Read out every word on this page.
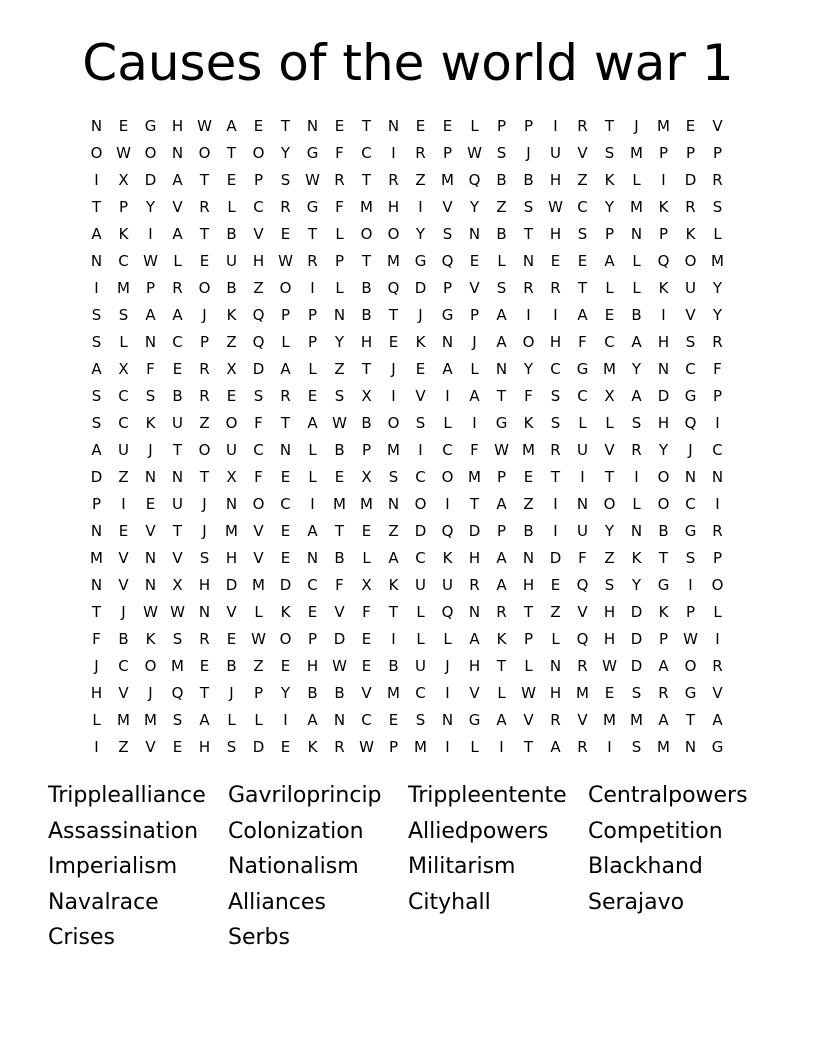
Causes of the world war 1
N	E	G	H W A	E	T	N	E	T	N	E	E	L	P	P	I	R	T	J	M	E	V
O W O	N	O	T	O	Y	G	F	C	I	R	P	W S	J	U	V	S	M	P	P	P
I	X	D	A	T	E	P	S W R	T	R	Z	M Q	B	B	H	Z	K	L	I	D	R
T	P	Y	V	R	L	C	R	G	F	M H	I	V	Y	Z	S W C	Y	M	K	R	S
A	K	I	A	T	B	V	E	T	L	O	O	Y	S	N	B	T	H	S	P	N	P	K	L
N	C W	L	E	U	H W R	P	T	M G	Q	E	L	N	E	E	A	L	Q	O M
I	M	P	R	O	B	Z	O	I	L	B	Q	D	P	V	S	R	R	T	L	L	K	U	Y
S	S	A	A	J	K	Q	P	P	N	B	T	J	G	P	A	I	I	A	E	B	I	V	Y
S	L	N	C	P	Z	Q	L	P	Y	H	E	K	N	J	A	O	H	F	C	A	H	S	R
A	X	F	E	R	X	D	A	L	Z	T	J	E	A	L	N	Y	C	G M	Y	N	C	F
S	C	S	B	R	E	S	R	E	S	X	I	V	I	A	T	F	S	C	X	A	D	G	P
S	C	K	U	Z	O	F	T	A W B	O	S	L	I	G	K	S	L	L	S	H	Q	I
A	U	J	T	O	U	C	N	L	B	P	M	I	C	F	W M	R	U	V	R	Y	J	C
D	Z	N	N	T	X	F	E	L	E	X	S	C	O M	P	E	T	I	T	I	O	N	N
P	I	E	U	J	N	O	C	I	M M N	O	I	T	A	Z	I	N	O	L	O	C	I
N	E	V	T	J	M	V	E	A	T	E	Z	D	Q	D	P	B	I	U	Y	N	B	G	R
M	V	N	V	S	H	V	E	N	B	L	A	C	K	H	A	N	D	F	Z	K	T	S	P
N	V	N	X	H	D M D	C	F	X	K	U	U	R	A	H	E	Q	S	Y	G	I	O
T	J	W W N	V	L	K	E	V	F	T	L	Q	N	R	T	Z	V	H	D	K	P	L
F	B	K	S	R	E W O	P	D	E	I	L	L	A	K	P	L	Q	H	D	P	W	I
J	C	O M	E	B	Z	E	H W E	B	U	J	H	T	L	N	R W D	A	O	R
H	V	J	Q	T	J	P	Y	B	B	V	M	C	I	V	L	W H M	E	S	R	G	V
L	M M	S	A	L	L	I	A	N	C	E	S	N	G	A	V	R	V	M M	A	T	A
I	Z	V	E	H	S	D	E	K	R W	P	M	I	L	I	T	A	R	I	S	M N	G
Tripplealliance	Gavriloprincip	Trippleentente Centralpowers
Assassination	Colonization	Alliedpowers	Competition
Imperialism	Nationalism	Militarism	Blackhand
Navalrace	Alliances	Cityhall	Serajavo
Crises	Serbs
